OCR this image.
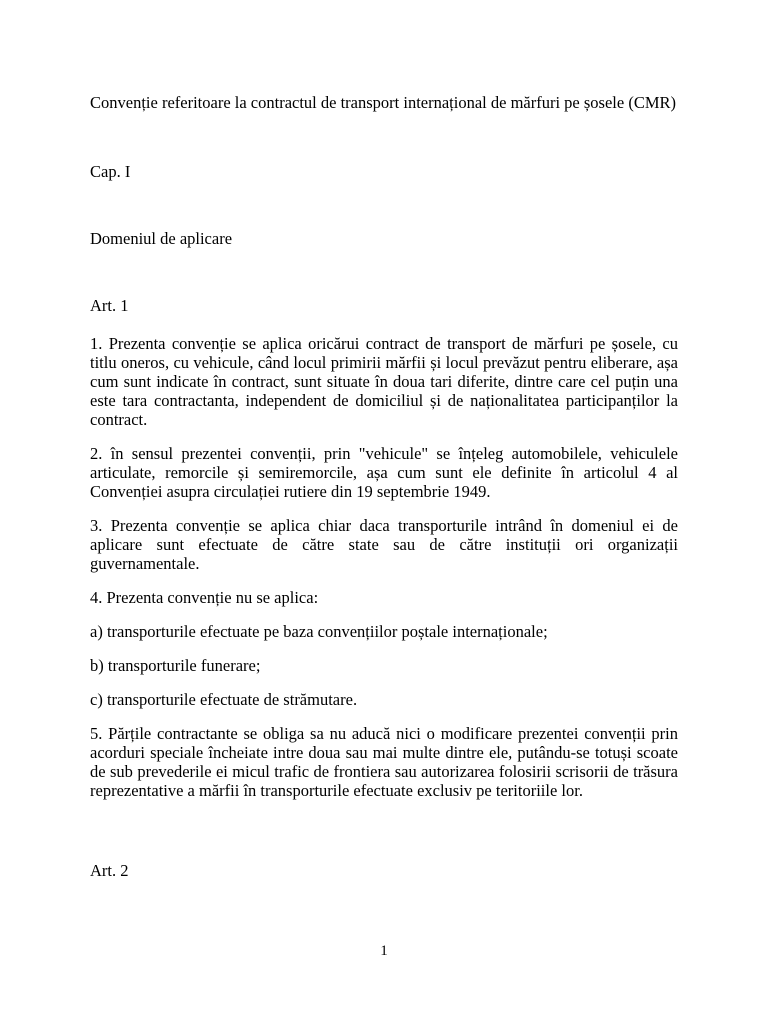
Convenție referitoare la contractul de transport internațional de mărfuri pe șosele (CMR)

Cap. I

Domeniul de aplicare

Art. 1

1. Prezenta convenție se aplica oricărui contract de transport de mărfuri pe șosele, cu titlu oneros, cu vehicule, când locul primirii mărfii și locul prevăzut pentru eliberare, așa cum sunt indicate în contract, sunt situate în doua tari diferite, dintre care cel puțin una este tara contractanta, independent de domiciliul și de naționalitatea participanților la contract.

2. în sensul prezentei convenții, prin "vehicule" se înțeleg automobilele, vehiculele articulate, remorcile și semiremorcile, așa cum sunt ele definite în articolul 4 al Convenției asupra circulației rutiere din 19 septembrie 1949.

3. Prezenta convenție se aplica chiar daca transporturile intrând în domeniul ei de aplicare sunt efectuate de către state sau de către instituții ori organizații guvernamentale.

4. Prezenta convenție nu se aplica:

a) transporturile efectuate pe baza convențiilor poștale internaționale;

b) transporturile funerare;

c) transporturile efectuate de strămutare.

5. Părțile contractante se obliga sa nu aducă nici o modificare prezentei convenții prin acorduri speciale încheiate intre doua sau mai multe dintre ele, putându-se totuși scoate de sub prevederile ei micul trafic de frontiera sau autorizarea folosirii scrisorii de trăsura reprezentative a mărfii în transporturile efectuate exclusiv pe teritoriile lor.

Art. 2

1
